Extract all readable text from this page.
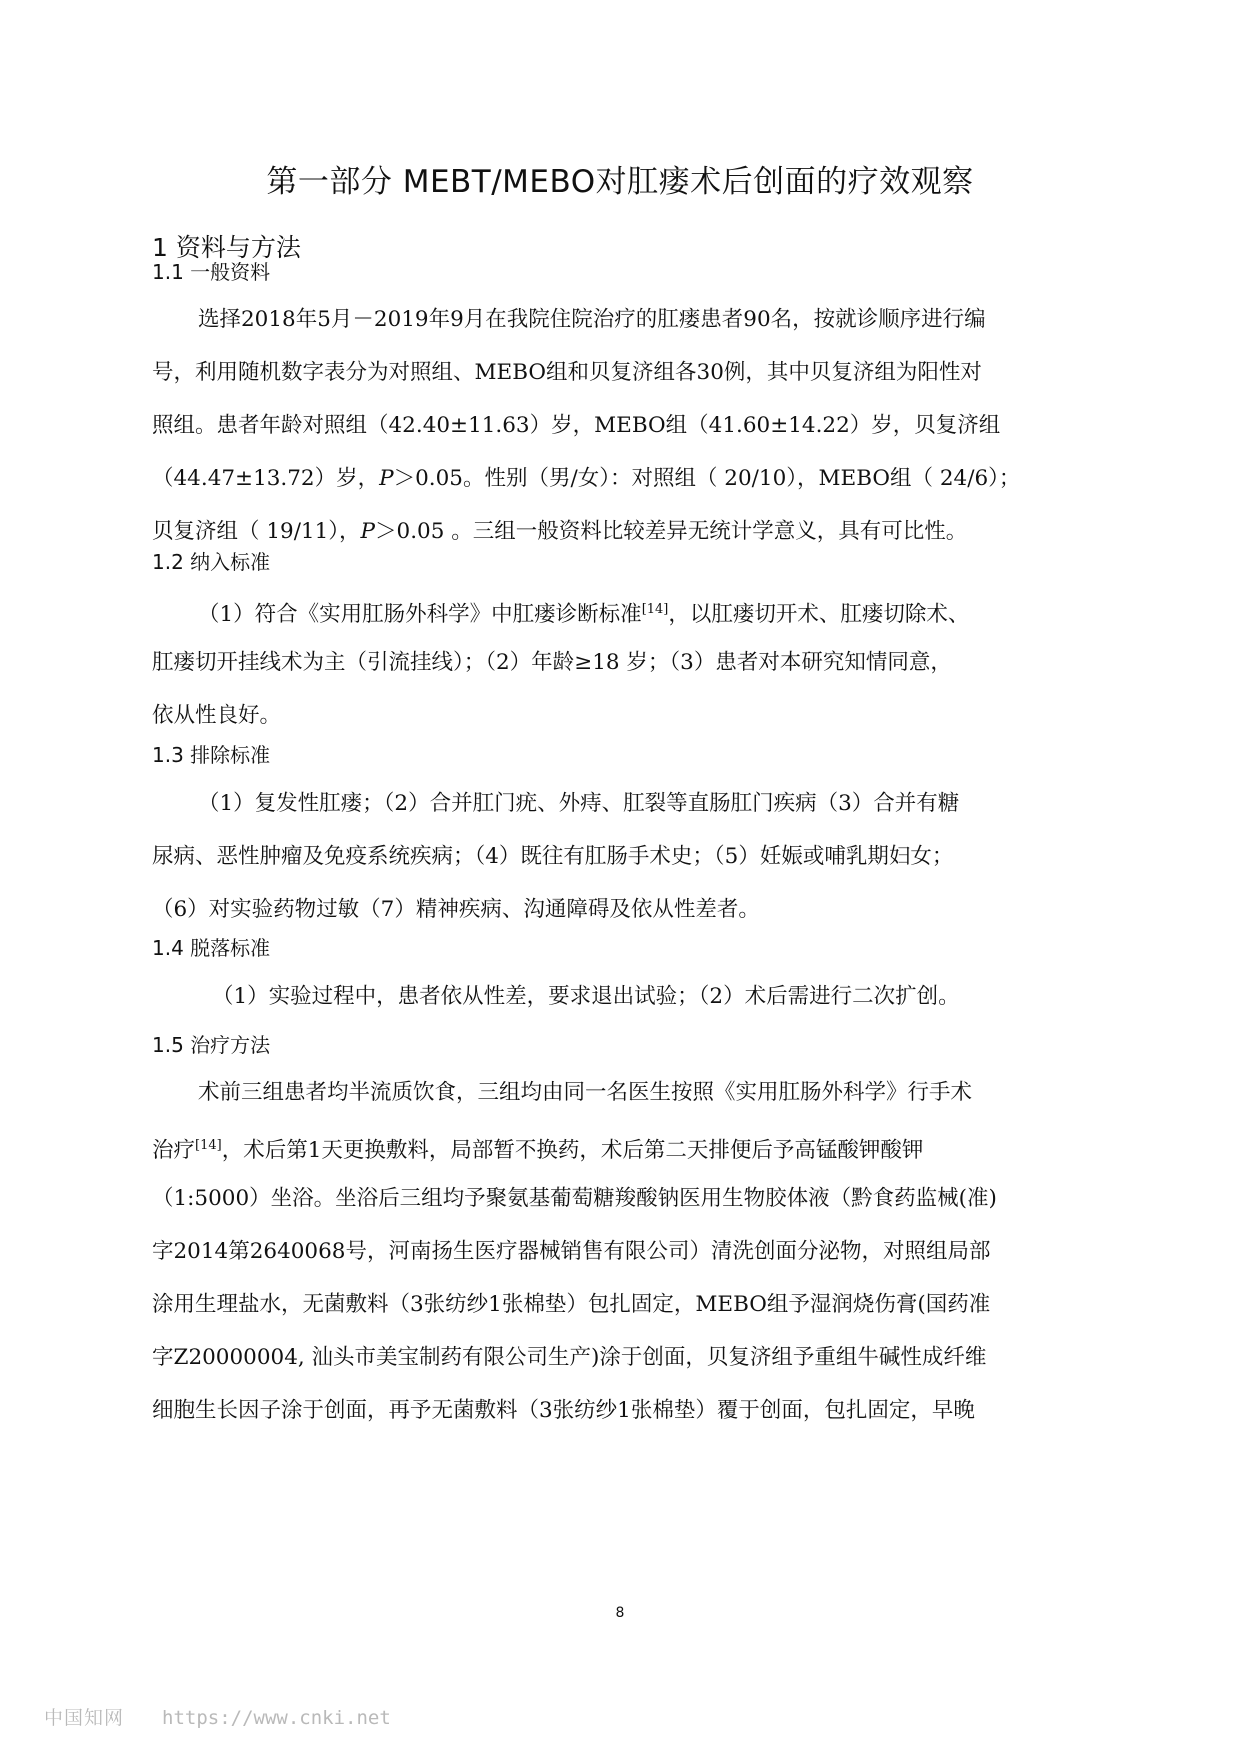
第一部分 MEBT/MEBO对肛瘘术后创面的疗效观察
1 资料与方法
1.1 一般资料
选择2018年5月－2019年9月在我院住院治疗的肛瘘患者90名，按就诊顺序进行编
号，利用随机数字表分为对照组、MEBO组和贝复济组各30例，其中贝复济组为阳性对
照组。患者年龄对照组（42.40±11.63）岁，MEBO组（41.60±14.22）岁，贝复济组
（44.47±13.72）岁，P＞0.05。性别（男/女）：对照组（ 20/10），MEBO组（ 24/6）；
贝复济组（ 19/11），P＞0.05 。三组一般资料比较差异无统计学意义，具有可比性。
1.2 纳入标准
（1）符合《实用肛肠外科学》中肛瘘诊断标准[14]，以肛瘘切开术、肛瘘切除术、
肛瘘切开挂线术为主（引流挂线）；（2）年龄≥18 岁；（3）患者对本研究知情同意，
依从性良好。
1.3 排除标准
（1）复发性肛瘘；（2）合并肛门疣、外痔、肛裂等直肠肛门疾病（3）合并有糖
尿病、恶性肿瘤及免疫系统疾病；（4）既往有肛肠手术史；（5）妊娠或哺乳期妇女；
（6）对实验药物过敏（7）精神疾病、沟通障碍及依从性差者。
1.4 脱落标准
（1）实验过程中，患者依从性差，要求退出试验；（2）术后需进行二次扩创。
1.5 治疗方法
术前三组患者均半流质饮食，三组均由同一名医生按照《实用肛肠外科学》行手术
治疗[14]，术后第1天更换敷料，局部暂不换药，术后第二天排便后予高锰酸钾酸钾
（1:5000）坐浴。坐浴后三组均予聚氨基葡萄糖羧酸钠医用生物胶体液（黔食药监械(准)
字2014第2640068号，河南扬生医疗器械销售有限公司）清洗创面分泌物，对照组局部
涂用生理盐水，无菌敷料（3张纺纱1张棉垫）包扎固定，MEBO组予湿润烧伤膏(国药准
字Z20000004, 汕头市美宝制药有限公司生产)涂于创面，贝复济组予重组牛碱性成纤维
细胞生长因子涂于创面，再予无菌敷料（3张纺纱1张棉垫）覆于创面，包扎固定，早晚
8
中国知网 https://www.cnki.net
